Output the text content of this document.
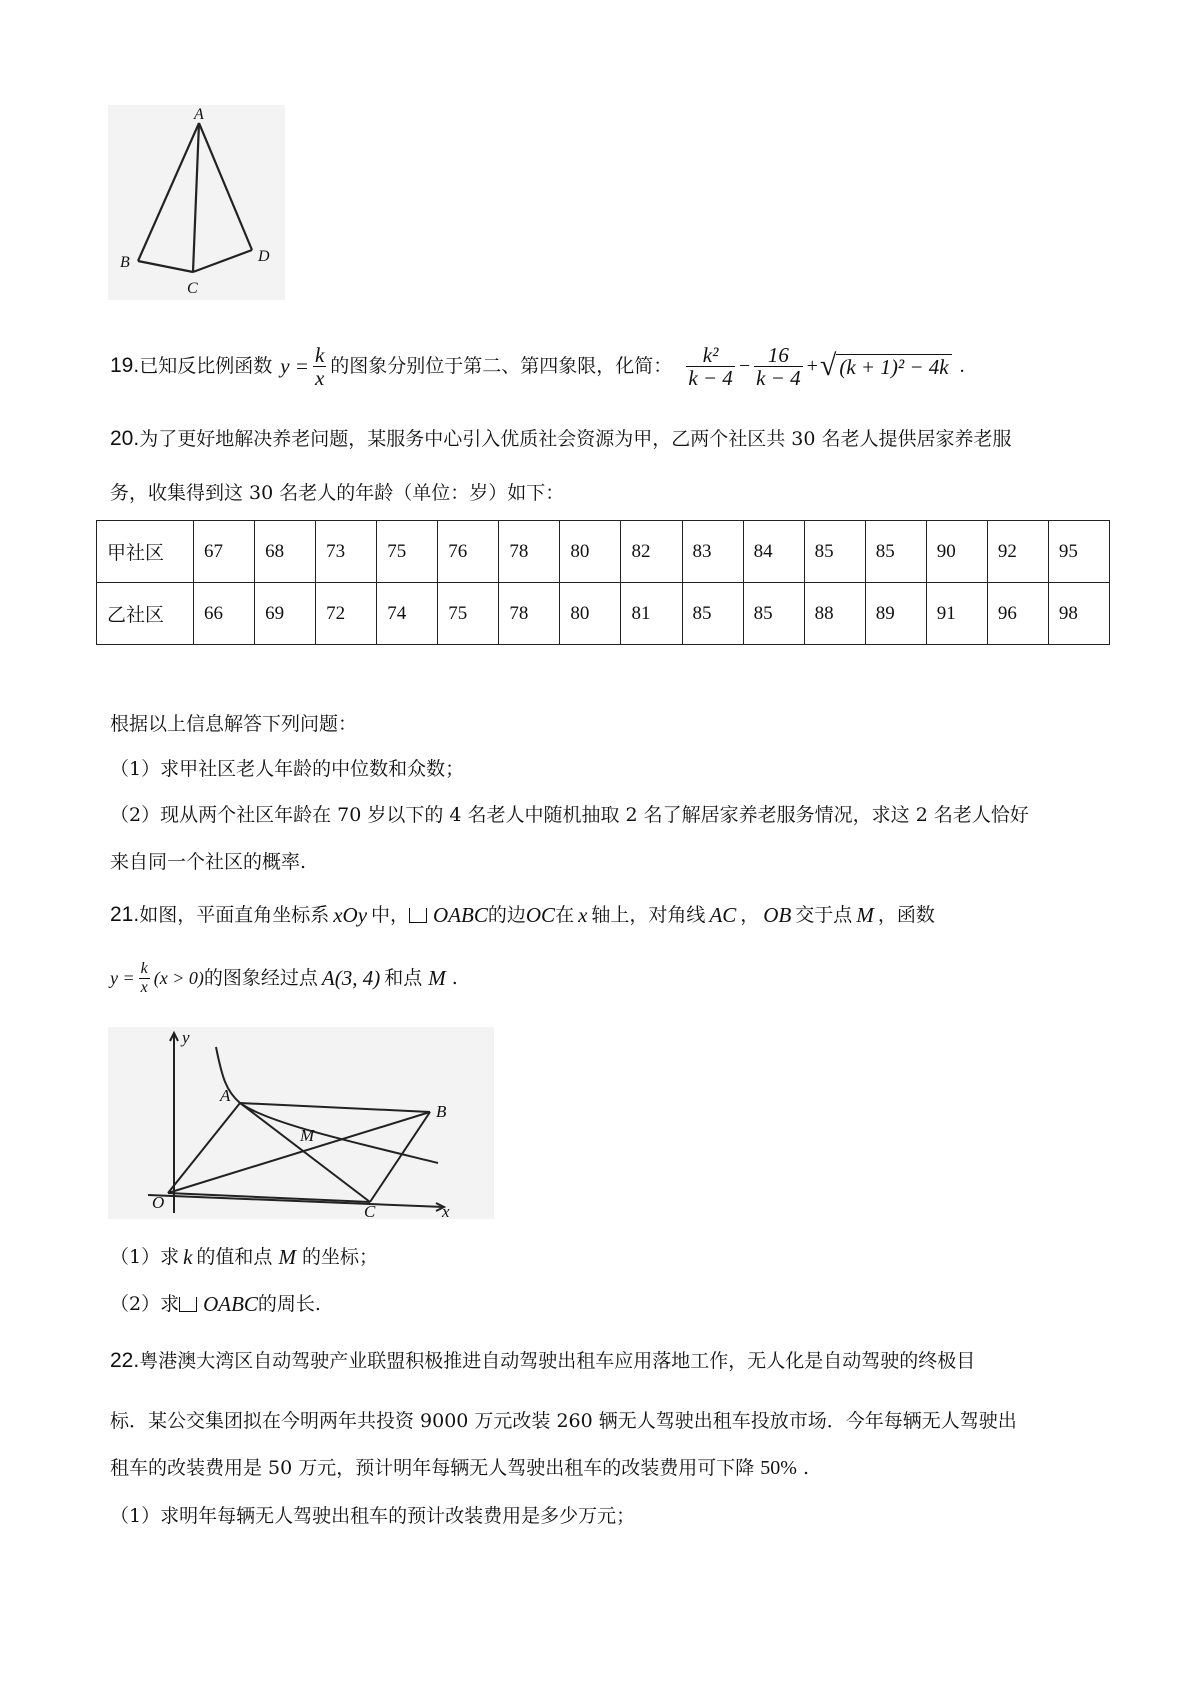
A
B
C
D
19. 已知反比例函数 $y = \frac{k}{x}$ 的图象分别位于第二、第四象限，化简： $\frac{\text{k²}}{k - 4} - \frac{16}{k - 4}$ + √ (k + 1)² − 4k .
20.为了更好地解决养老问题，某服务中心引入优质社会资源为甲，乙两个社区共 30 名老人提供居家养老服
务，收集得到这 30 名老人的年龄（单位：岁）如下：
甲社区	67	68	73	75	76	78	80	82	83	84	85	85	90	92	95
乙社区	66	69	72	74	75	78	80	81	85	85	88	89	91	96	98
根据以上信息解答下列问题：
（1）求甲社区老人年龄的中位数和众数；
（2）现从两个社区年龄在 70 岁以下的 4 名老人中随机抽取 2 名了解居家养老服务情况，求这 2 名老人恰好
来自同一个社区的概率.
21. 如图，平面直角坐标系 xOy 中， OABC 的边 OC 在 x 轴上，对角线 AC ， OB 交于点 M ，函数
$y = \frac{k}{x} (x > 0)$ 的图象经过点 A(3, 4) 和点 M .
y
A
B
M
O	C	x
（1）求 k 的值和点 M 的坐标；
（2）求 OABC 的周长.
22.粤港澳大湾区自动驾驶产业联盟积极推进自动驾驶出租车应用落地工作，无人化是自动驾驶的终极目
标．某公交集团拟在今明两年共投资 9000 万元改装 260 辆无人驾驶出租车投放市场．今年每辆无人驾驶出
租车的改装费用是 50 万元，预计明年每辆无人驾驶出租车的改装费用可下降 50% .
（1）求明年每辆无人驾驶出租车的预计改装费用是多少万元；
